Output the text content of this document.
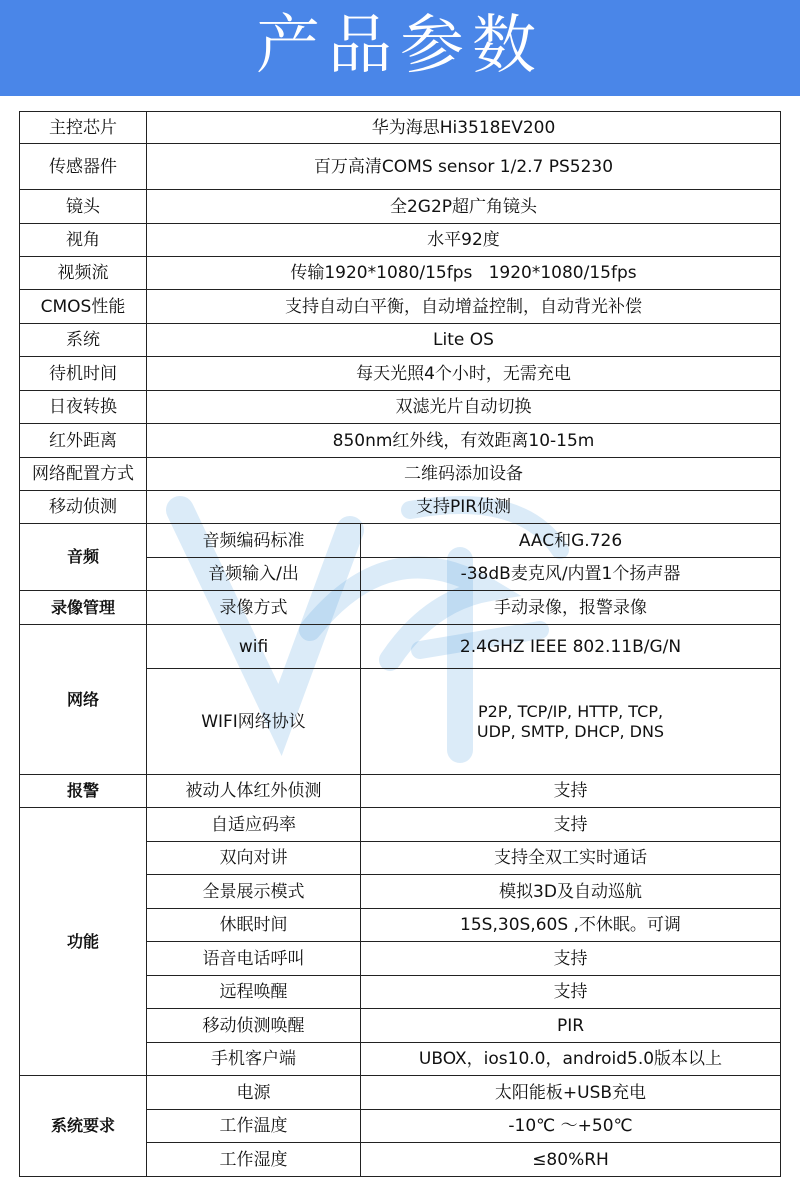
产品参数
主控芯片	华为海思Hi3518EV200	
传感器件	百万高清COMS sensor 1/2.7 PS5230	
镜头	全2G2P超广角镜头	
视角	水平92度	
视频流	传输1920*1080/15fps   1920*1080/15fps	
CMOS性能	支持自动白平衡，自动增益控制，自动背光补偿	
系统	Lite OS	
待机时间	每天光照4个小时，无需充电	
日夜转换	双滤光片自动切换	
红外距离	850nm红外线，有效距离10-15m	
网络配置方式	二维码添加设备	
移动侦测	支持PIR侦测	
音频	音频编码标准	AAC和G.726
	音频输入/出	-38dB麦克风/内置1个扬声器
录像管理	录像方式	手动录像，报警录像
网络	wifi	2.4GHZ IEEE 802.11B/G/N
	WIFI网络协议	P2P, TCP/IP, HTTP, TCP,
UDP, SMTP, DHCP, DNS

报警	被动人体红外侦测	支持
功能	自适应码率	支持
	双向对讲	支持全双工实时通话
	全景展示模式	模拟3D及自动巡航
	休眠时间	15S,30S,60S ,不休眠。可调
	语音电话呼叫	支持
	远程唤醒	支持
	移动侦测唤醒	PIR
	手机客户端	UBOX，ios10.0，android5.0版本以上
系统要求	电源	太阳能板+USB充电
	工作温度	-10℃ ～+50℃
	工作湿度	≤80%RH
